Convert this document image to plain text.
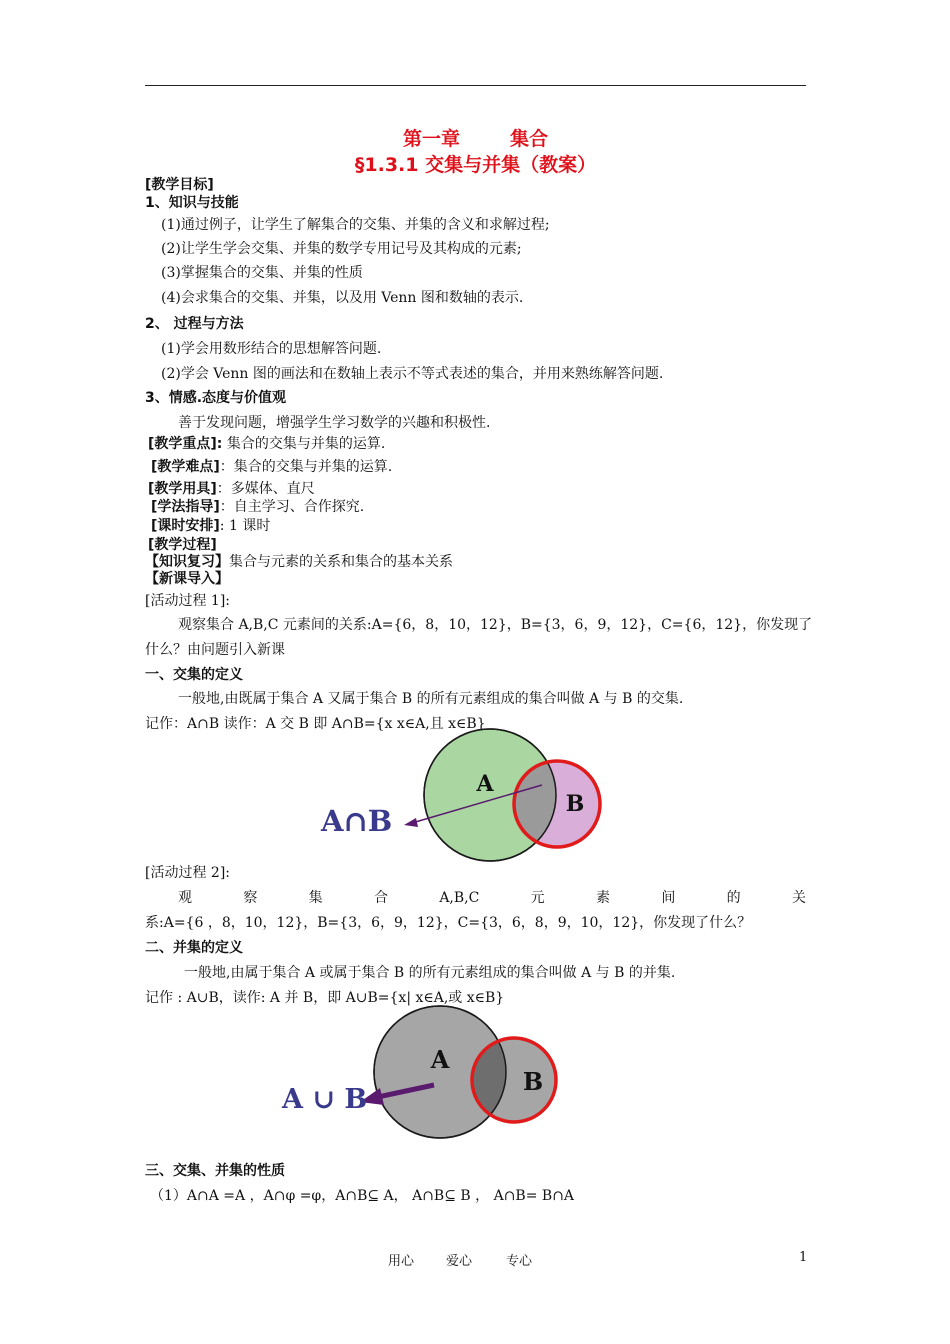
第一章	集合
§1.3.1 交集与并集（教案）
[教学目标]
1、知识与技能
(1)通过例子，让学生了解集合的交集、并集的含义和求解过程;
(2)让学生学会交集、并集的数学专用记号及其构成的元素;
(3)掌握集合的交集、并集的性质
(4)会求集合的交集、并集，以及用 Venn 图和数轴的表示.
2、 过程与方法
(1)学会用数形结合的思想解答问题.
(2)学会 Venn 图的画法和在数轴上表示不等式表述的集合，并用来熟练解答问题.
3、情感.态度与价值观
善于发现问题，增强学生学习数学的兴趣和积极性.
[教学重点]: 集合的交集与并集的运算.
[教学难点]：集合的交集与并集的运算.
[教学用具]：多媒体、直尺
[学法指导]：自主学习、合作探究.
[课时安排]: 1 课时
[教学过程]
【知识复习】集合与元素的关系和集合的基本关系
【新课导入】
[活动过程 1]:
观察集合 A,B,C 元素间的关系:A={6，8，10，12}，B={3，6，9，12}，C={6，12}，你发现了
什么？由问题引入新课
一、交集的定义
一般地,由既属于集合 A 又属于集合 B 的所有元素组成的集合叫做 A 与 B 的交集.
记作：A∩B 读作：A 交 B 即 A∩B={x x∈A,且 x∈B}
A
B
A∩B
[活动过程 2]:
观	察	集	合	A,B,C	元	素	间	的	关
系:A={6 ，8，10，12}，B={3，6，9，12}，C={3，6，8，9，10，12}，你发现了什么？
二、并集的定义
一般地,由属于集合 A 或属于集合 B 的所有元素组成的集合叫做 A 与 B 的并集.
记作 : A∪B，读作: A 并 B，即 A∪B={x| x∈A,或 x∈B}
A
B
A ∪ B
三、交集、并集的性质
（1）A∩A =A ，A∩φ =φ，A∩B⊆ A， A∩B⊆ B ， A∩B= B∩A
用心 爱心	专心	1
